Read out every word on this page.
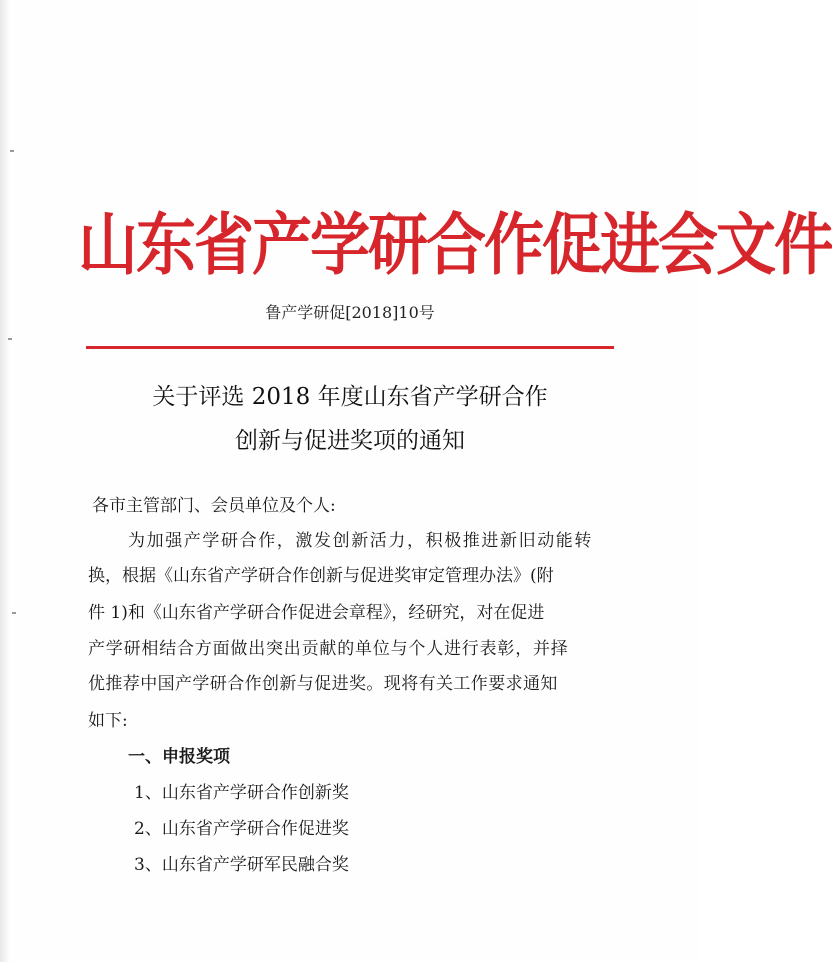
山东省产学研合作促进会文件
鲁产学研促[2018]10号
关于评选 2018 年度山东省产学研合作
创新与促进奖项的通知
各市主管部门、会员单位及个人:
为加强产学研合作，激发创新活力，积极推进新旧动能转
换，根据《山东省产学研合作创新与促进奖审定管理办法》(附
件 1)和《山东省产学研合作促进会章程》，经研究，对在促进
产学研相结合方面做出突出贡献的单位与个人进行表彰，并择
优推荐中国产学研合作创新与促进奖。现将有关工作要求通知
如下:
一、申报奖项
1、山东省产学研合作创新奖
2、山东省产学研合作促进奖
3、山东省产学研军民融合奖
